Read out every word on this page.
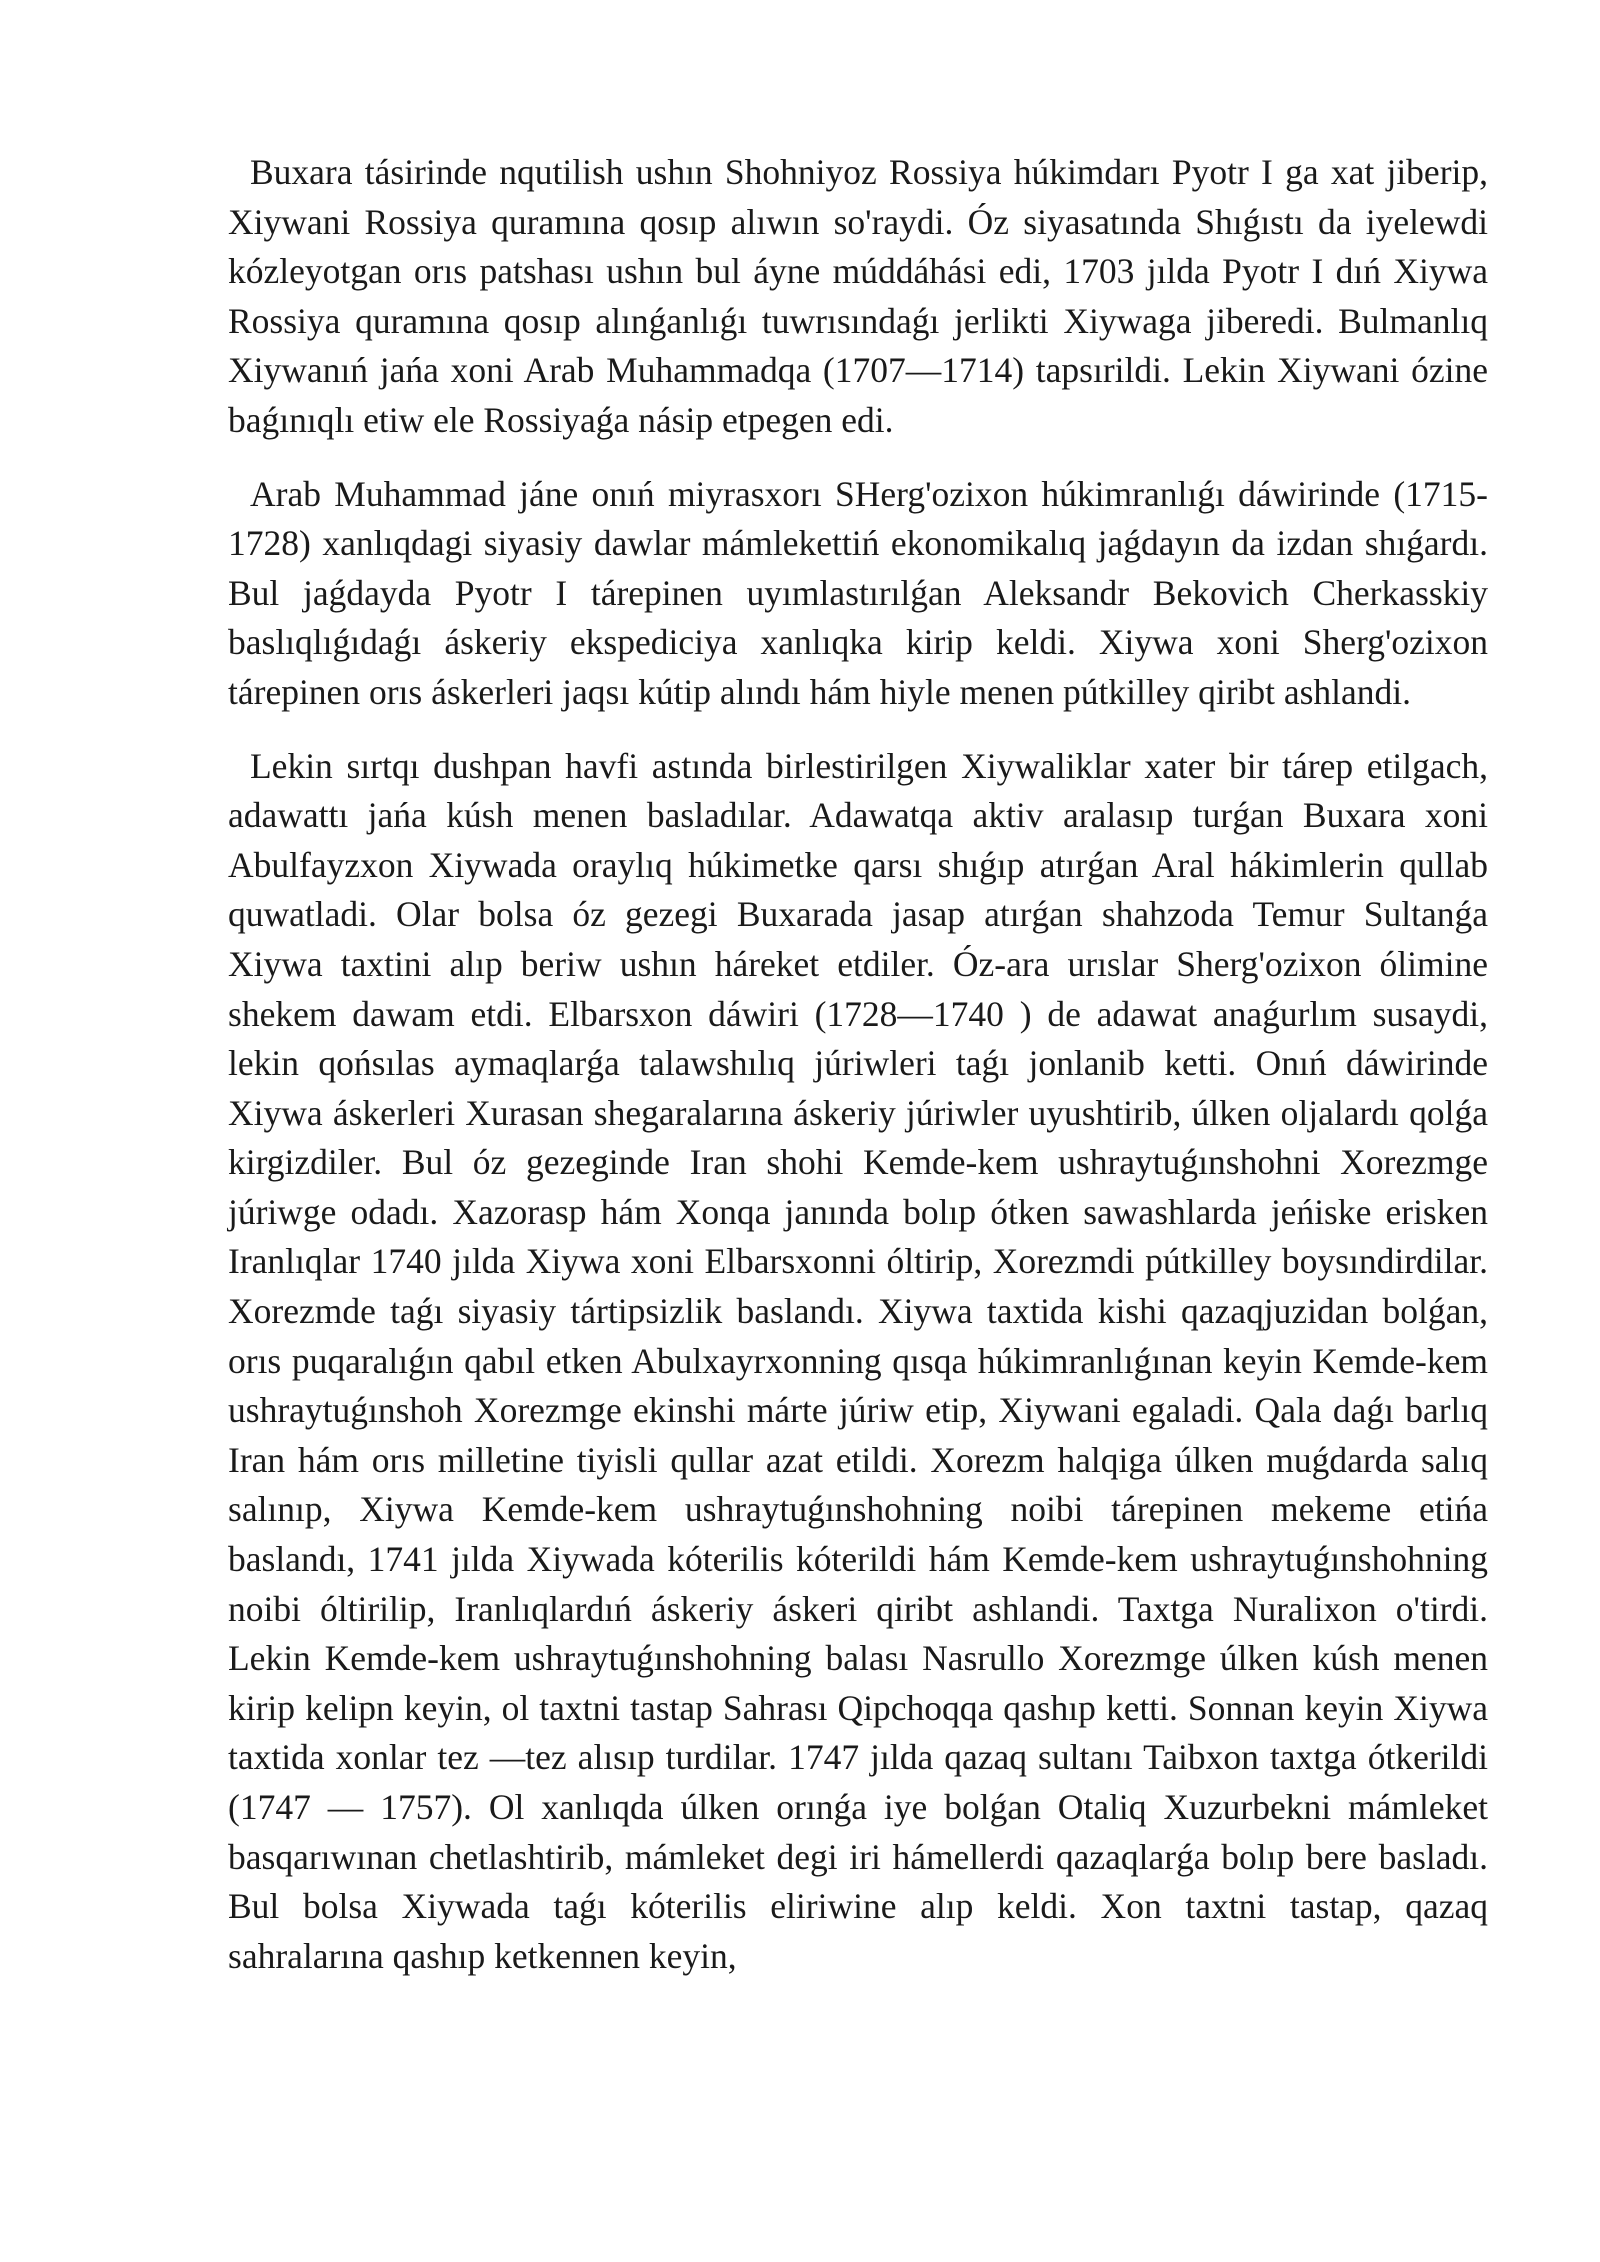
Buxara tásirinde nqutilish ushın Shohniyoz Rossiya húkimdarı Pyotr I ga xat jiberip, Xiywani Rossiya quramına qosıp alıwın so'raydi. Óz siyasatında Shıǵıstı da iyelewdi kózleyotgan orıs patshası ushın bul áyne múddáhási edi, 1703 jılda Pyotr I dıń Xiywa Rossiya quramına qosıp alınǵanlıǵı tuwrısındaǵı jerlikti Xiywaga jiberedi. Bulmanlıq Xiywanıń jańa xoni Arab Muhammadqa (1707—1714) tapsırildi. Lekin Xiywani ózine baǵınıqlı etiw ele Rossiyaǵa násip etpegen edi.

Arab Muhammad jáne onıń miyrasxorı SHerg'ozixon húkimranlıǵı dáwirinde (1715-1728) xanlıqdagi siyasiy dawlar mámlekettiń ekonomikalıq jaǵdayın da izdan shıǵardı. Bul jaǵdayda Pyotr I tárepinen uyımlastırılǵan Aleksandr Bekovich Cherkasskiy baslıqlıǵıdaǵı áskeriy ekspediciya xanlıqka kirip keldi. Xiywa xoni Sherg'ozixon tárepinen orıs áskerleri jaqsı kútip alındı hám hiyle menen pútkilley qiribt ashlandi.

Lekin sırtqı dushpan havfi astında birlestirilgen Xiywaliklar xater bir tárep etilgach, adawattı jańa kúsh menen basladılar. Adawatqa aktiv aralasıp turǵan Buxara xoni Abulfayzxon Xiywada oraylıq húkimetke qarsı shıǵıp atırǵan Aral hákimlerin qullab quwatladi. Olar bolsa óz gezegi Buxarada jasap atırǵan shahzoda Temur Sultanǵa Xiywa taxtini alıp beriw ushın háreket etdiler. Óz-ara urıslar Sherg'ozixon ólimine shekem dawam etdi. Elbarsxon dáwiri (1728—1740 ) de adawat anaǵurlım susaydi, lekin qońsılas aymaqlarǵa talawshılıq júriwleri taǵı jonlanib ketti. Onıń dáwirinde Xiywa áskerleri Xurasan shegaralarına áskeriy júriwler uyushtirib, úlken oljalardı qolǵa kirgizdiler. Bul óz gezeginde Iran shohi Kemde-kem ushraytuǵınshohni Xorezmge júriwge odadı. Xazorasp hám Xonqa janında bolıp ótken sawashlarda jeńiske erisken Iranlıqlar 1740 jılda Xiywa xoni Elbarsxonni óltirip, Xorezmdi pútkilley boysındirdilar. Xorezmde taǵı siyasiy tártipsizlik baslandı. Xiywa taxtida kishi qazaqjuzidan bolǵan, orıs puqaralıǵın qabıl etken Abulxayrxonning qısqa húkimranlıǵınan keyin Kemde-kem ushraytuǵınshoh Xorezmge ekinshi márte júriw etip, Xiywani egaladi. Qala daǵı barlıq Iran hám orıs milletine tiyisli qullar azat etildi. Xorezm halqiga úlken muǵdarda salıq salınıp, Xiywa Kemde-kem ushraytuǵınshohning noibi tárepinen mekeme etińa baslandı, 1741 jılda Xiywada kóterilis kóterildi hám Kemde-kem ushraytuǵınshohning noibi óltirilip, Iranlıqlardıń áskeriy áskeri qiribt ashlandi. Taxtga Nuralixon o'tirdi. Lekin Kemde-kem ushraytuǵınshohning balası Nasrullo Xorezmge úlken kúsh menen kirip kelipn keyin, ol taxtni tastap Sahrası Qipchoqqa qashıp ketti. Sonnan keyin Xiywa taxtida xonlar tez —tez alısıp turdilar. 1747 jılda qazaq sultanı Taibxon taxtga ótkerildi (1747 — 1757). Ol xanlıqda úlken orınǵa iye bolǵan Otaliq Xuzurbekni mámleket basqarıwınan chetlashtirib, mámleket degi iri hámellerdi qazaqlarǵa bolıp bere basladı. Bul bolsa Xiywada taǵı kóterilis eliriwine alıp keldi. Xon taxtni tastap, qazaq sahralarına qashıp ketkennen keyin,
